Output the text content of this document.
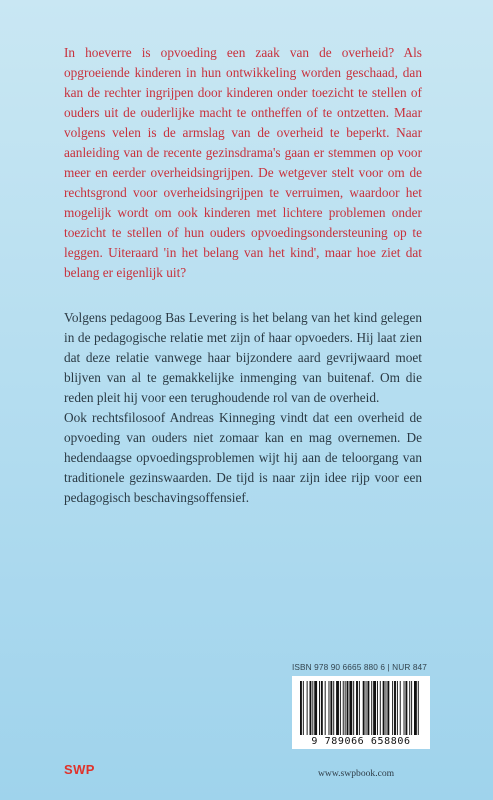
In hoeverre is opvoeding een zaak van de overheid? Als opgroeiende kinderen in hun ontwikkeling worden geschaad, dan kan de rechter ingrijpen door kinderen onder toezicht te stellen of ouders uit de ouderlijke macht te ontheffen of te ontzetten. Maar volgens velen is de armslag van de overheid te beperkt. Naar aanleiding van de recente gezinsdrama's gaan er stemmen op voor meer en eerder overheidsingrijpen. De wetgever stelt voor om de rechtsgrond voor overheidsingrijpen te verruimen, waardoor het mogelijk wordt om ook kinderen met lichtere problemen onder toezicht te stellen of hun ouders opvoedingsondersteuning op te leggen. Uiteraard 'in het belang van het kind', maar hoe ziet dat belang er eigenlijk uit?

Volgens pedagoog Bas Levering is het belang van het kind gelegen in de pedagogische relatie met zijn of haar opvoeders. Hij laat zien dat deze relatie vanwege haar bijzondere aard gevrijwaard moet blijven van al te gemakkelijke inmenging van buitenaf. Om die reden pleit hij voor een terughoudende rol van de overheid.

Ook rechtsfilosoof Andreas Kinneging vindt dat een overheid de opvoeding van ouders niet zomaar kan en mag overnemen. De hedendaagse opvoedingsproblemen wijt hij aan de teloorgang van traditionele gezinswaarden. De tijd is naar zijn idee rijp voor een pedagogisch beschavingsoffensief.

ISBN 978 90 6665 880 6 | NUR 847
9 789066 658806
SWP	www.swpbook.com
